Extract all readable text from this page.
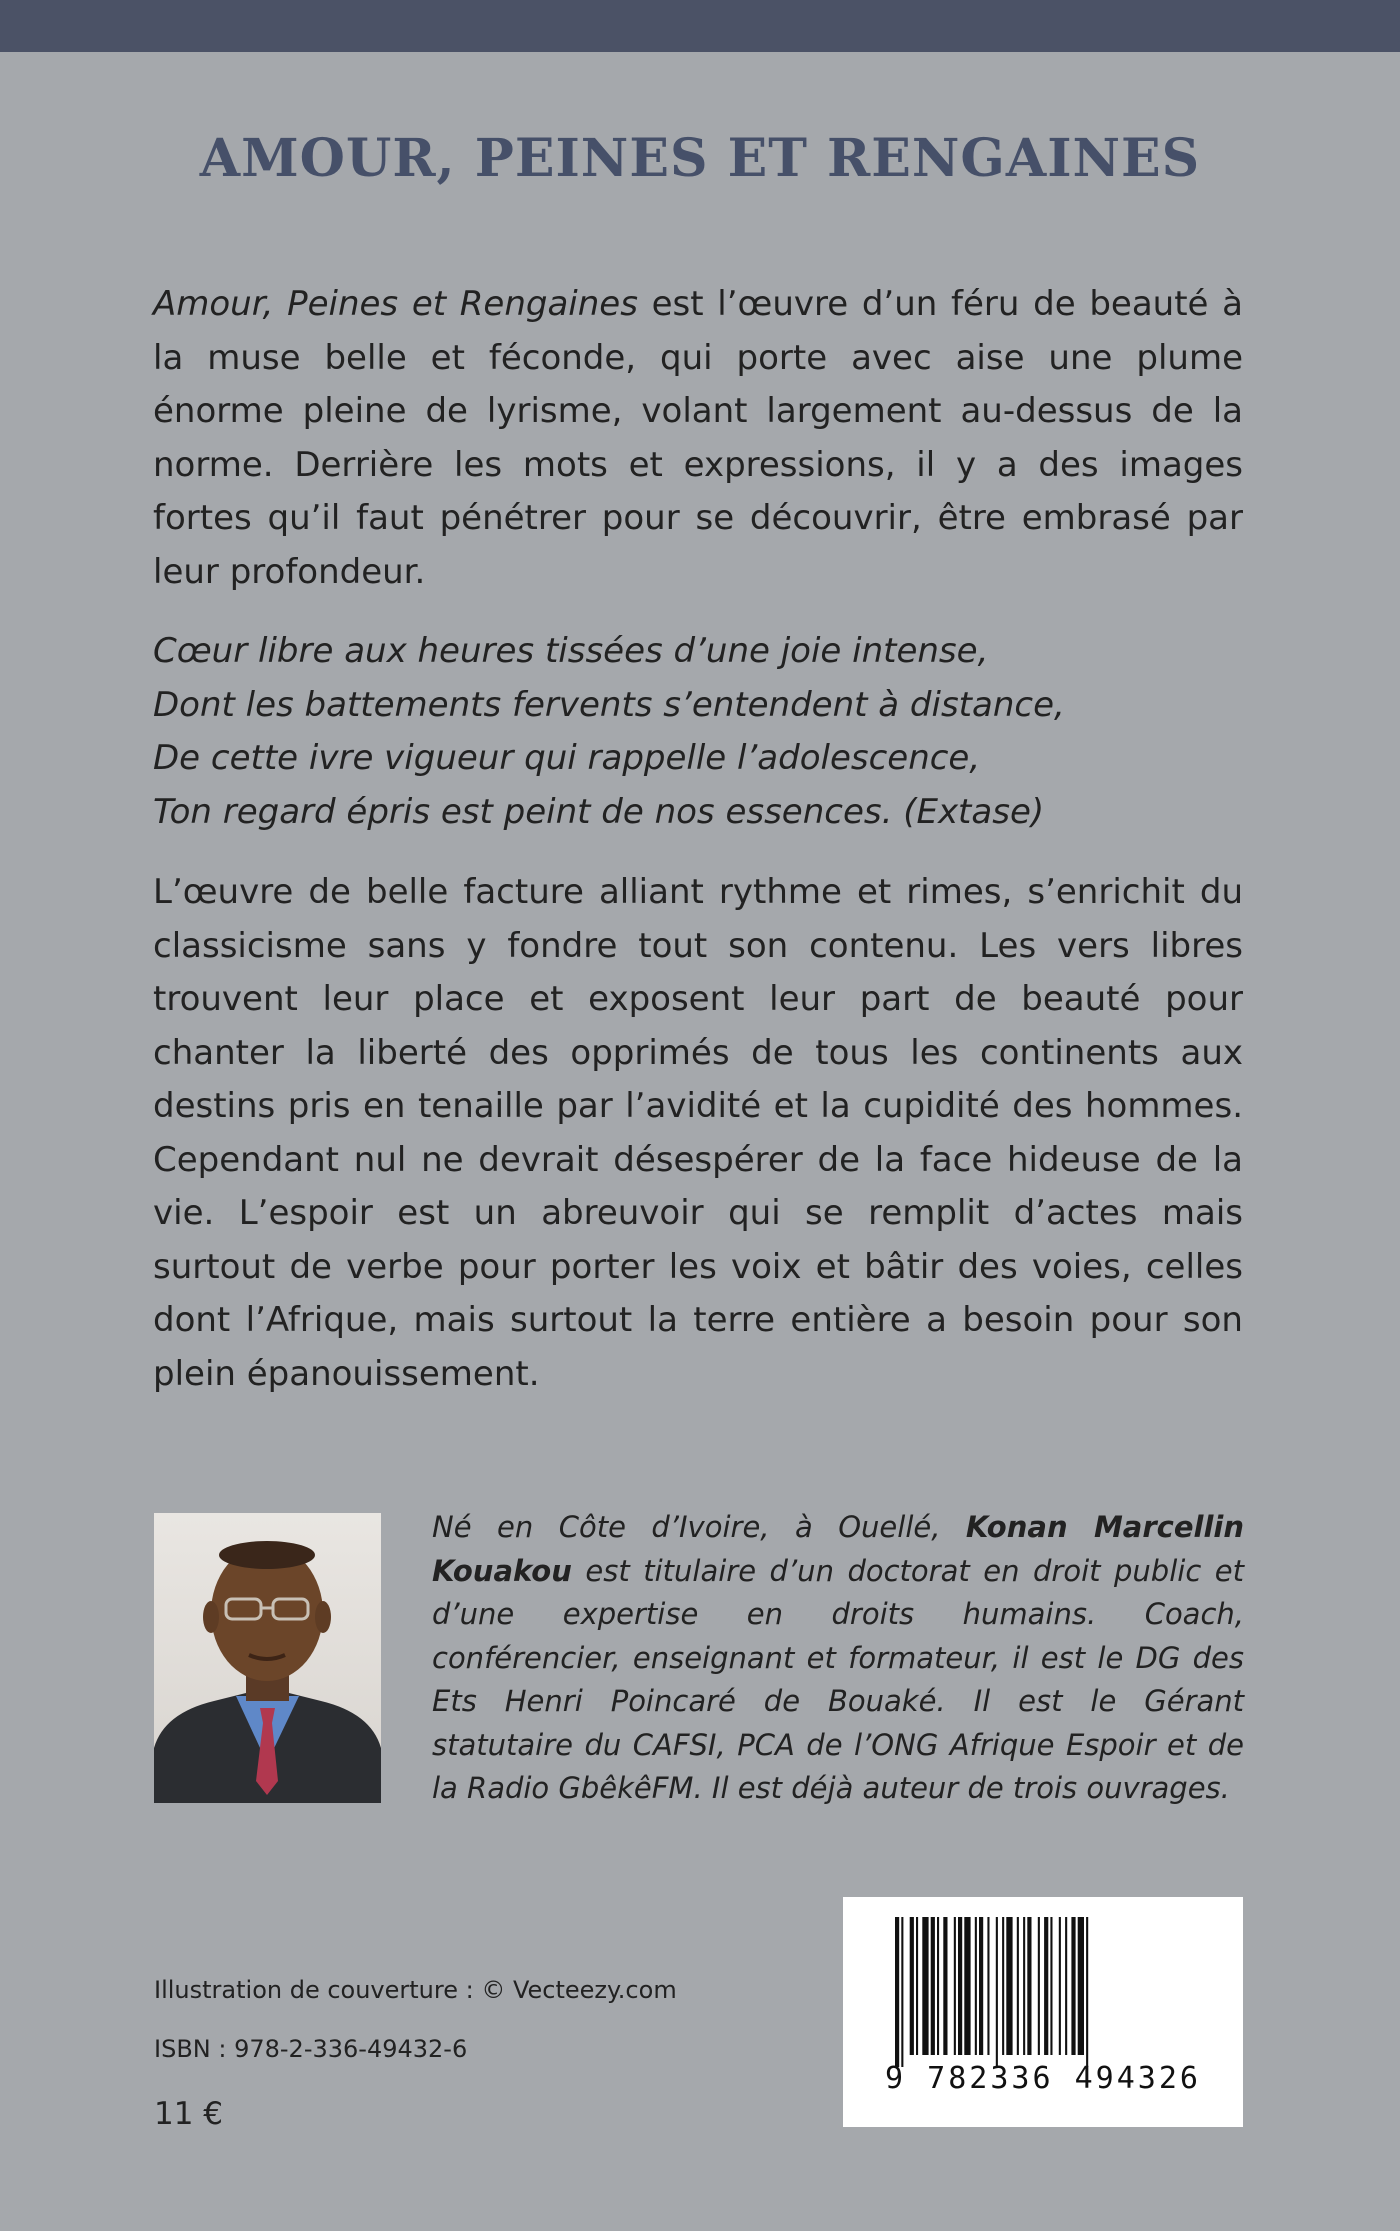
AMOUR, PEINES ET RENGAINES

Amour, Peines et Rengaines est l’œuvre d’un féru de beauté à la muse belle et féconde, qui porte avec aise une plume énorme pleine de lyrisme, volant largement au-dessus de la norme. Derrière les mots et expressions, il y a des images fortes qu’il faut pénétrer pour se découvrir, être embrasé par leur profondeur.

Cœur libre aux heures tissées d’une joie intense,
Dont les battements fervents s’entendent à distance,
De cette ivre vigueur qui rappelle l’adolescence,
Ton regard épris est peint de nos essences. (Extase)

L’œuvre de belle facture alliant rythme et rimes, s’enrichit du classicisme sans y fondre tout son contenu. Les vers libres trouvent leur place et exposent leur part de beauté pour chanter la liberté des opprimés de tous les continents aux destins pris en tenaille par l’avidité et la cupidité des hommes. Cependant nul ne devrait désespérer de la face hideuse de la vie. L’espoir est un abreuvoir qui se remplit d’actes mais surtout de verbe pour porter les voix et bâtir des voies, celles dont l’Afrique, mais surtout la terre entière a besoin pour son plein épanouissement.

Né en Côte d’Ivoire, à Ouellé, Konan Marcellin Kouakou est titulaire d’un doctorat en droit public et d’une expertise en droits humains. Coach, conférencier, enseignant et formateur, il est le DG des Ets Henri Poincaré de Bouaké. Il est le Gérant statutaire du CAFSI, PCA de l’ONG Afrique Espoir et de la Radio GbêkêFM. Il est déjà auteur de trois ouvrages.

Illustration de couverture : © Vecteezy.com
ISBN : 978-2-336-49432-6
11 €
9 782336 494326
